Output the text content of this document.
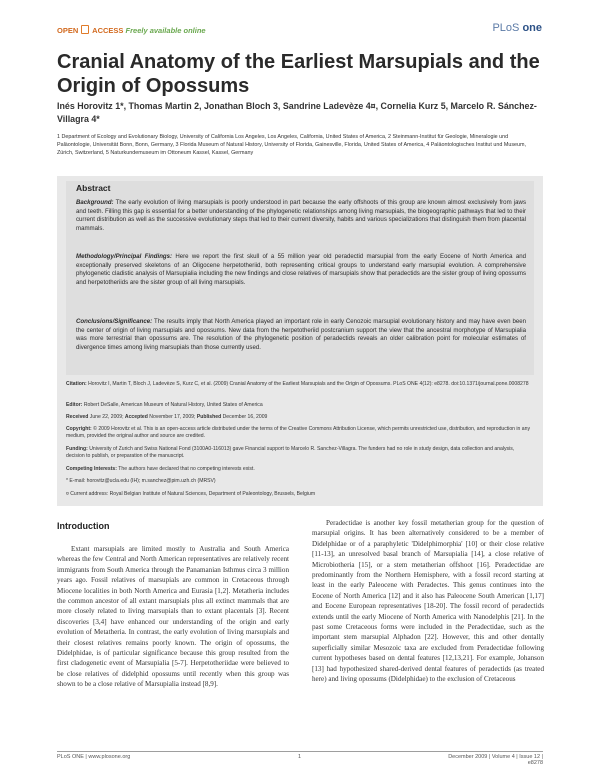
OPEN ACCESS Freely available online	PLoS one
Cranial Anatomy of the Earliest Marsupials and the Origin of Opossums
Inés Horovitz 1*, Thomas Martin 2, Jonathan Bloch 3, Sandrine Ladevèze 4¤, Cornelia Kurz 5, Marcelo R. Sánchez-Villagra 4*
1 Department of Ecology and Evolutionary Biology, University of California Los Angeles, Los Angeles, California, United States of America, 2 Steinmann-Institut für Geologie, Mineralogie und Paläontologie, Universität Bonn, Bonn, Germany, 3 Florida Museum of Natural History, University of Florida, Gainesville, Florida, United States of America, 4 Paläontologisches Institut und Museum, Zürich, Switzerland, 5 Naturkundemuseum im Ottoneum Kassel, Kassel, Germany
Abstract
Background: The early evolution of living marsupials is poorly understood in part because the early offshoots of this group are known almost exclusively from jaws and teeth. Filling this gap is essential for a better understanding of the phylogenetic relationships among living marsupials, the biogeographic pathways that led to their current distribution as well as the successive evolutionary steps that led to their current diversity, habits and various specializations that distinguish them from placental mammals.
Methodology/Principal Findings: Here we report the first skull of a 55 million year old peradectid marsupial from the early Eocene of North America and exceptionally preserved skeletons of an Oligocene herpetotheriid, both representing critical groups to understand early marsupial evolution. A comprehensive phylogenetic cladistic analysis of Marsupialia including the new findings and close relatives of marsupials show that peradectids are the sister group of living opossums and herpetotheriids are the sister group of all living marsupials.
Conclusions/Significance: The results imply that North America played an important role in early Cenozoic marsupial evolutionary history and may have even been the center of origin of living marsupials and opossums. New data from the herpetotheriid postcranium support the view that the ancestral morphotype of Marsupialia was more terrestrial than opossums are. The resolution of the phylogenetic position of peradectids reveals an older calibration point for molecular estimates of divergence times among living marsupials than those currently used.
Citation: Horovitz I, Martin T, Bloch J, Ladevèze S, Kurz C, et al. (2009) Cranial Anatomy of the Earliest Marsupials and the Origin of Opossums. PLoS ONE 4(12): e8278. doi:10.1371/journal.pone.0008278
Editor: Robert DeSalle, American Museum of Natural History, United States of America
Received June 22, 2009; Accepted November 17, 2009; Published December 16, 2009
Copyright: © 2009 Horovitz et al. This is an open-access article distributed under the terms of the Creative Commons Attribution License, which permits unrestricted use, distribution, and reproduction in any medium, provided the original author and source are credited.
Funding: University of Zurich and Swiss National Fond (3100A0-116013) gave Financial support to Marcelo R. Sanchez-Villagra. The funders had no role in study design, data collection and analysis, decision to publish, or preparation of the manuscript.
Competing Interests: The authors have declared that no competing interests exist.
* E-mail: horovitz@ucla.edu (IH); m.sanchez@pim.uzh.ch (MRSV)
¤ Current address: Royal Belgian Institute of Natural Sciences, Department of Paleontology, Brussels, Belgium
Introduction
Extant marsupials are limited mostly to Australia and South America whereas the few Central and North American representatives are relatively recent immigrants from South America through the Panamanian Isthmus circa 3 million years ago. Fossil relatives of marsupials are common in Cretaceous through Miocene localities in both North America and Eurasia [1,2]. Metatheria includes the common ancestor of all extant marsupials plus all extinct mammals that are more closely related to living marsupials than to extant placentals [3]. Recent discoveries [3,4] have enhanced our understanding of the origin and early evolution of Metatheria. In contrast, the early evolution of living marsupials and their closest relatives remains poorly known. The origin of opossums, the Didelphidae, is of particular significance because this group resulted from the first cladogenetic event of Marsupialia [5-7]. Herpetotheriidae were believed to be close relatives of didelphid opossums until recently when this group was shown to be a close relative of Marsupialia instead [8,9].
Peradectidae is another key fossil metatherian group for the question of marsupial origins. It has been alternatively considered to be a member of Didelphidae or of a paraphyletic 'Didelphimorphia' [10] or their close relative [11-13], an unresolved basal branch of Marsupialia [14], a close relative of Microbiotheria [15], or a stem metatherian offshoot [16]. Peradectidae are predominantly from the Northern Hemisphere, with a fossil record starting at least in the early Paleocene with Peradectes. This genus continues into the Eocene of North America [12] and it also has Paleocene South American [1,17] and Eocene European representatives [18-20]. The fossil record of peradectids extends until the early Miocene of North America with Nanodelphis [21]. In the past some Cretaceous forms were included in the Peradectidae, such as the important stem marsupial Alphadon [22]. However, this and other dentally superficially similar Mesozoic taxa are excluded from Peradectidae following current hypotheses based on dental features [12,13,21]. For example, Johanson [13] had hypothesized shared-derived dental features of peradectids (as treated here) and living opossums (Didelphidae) to the exclusion of Cretaceous
PLoS ONE | www.plosone.org	1	December 2009 | Volume 4 | Issue 12 | e8278
